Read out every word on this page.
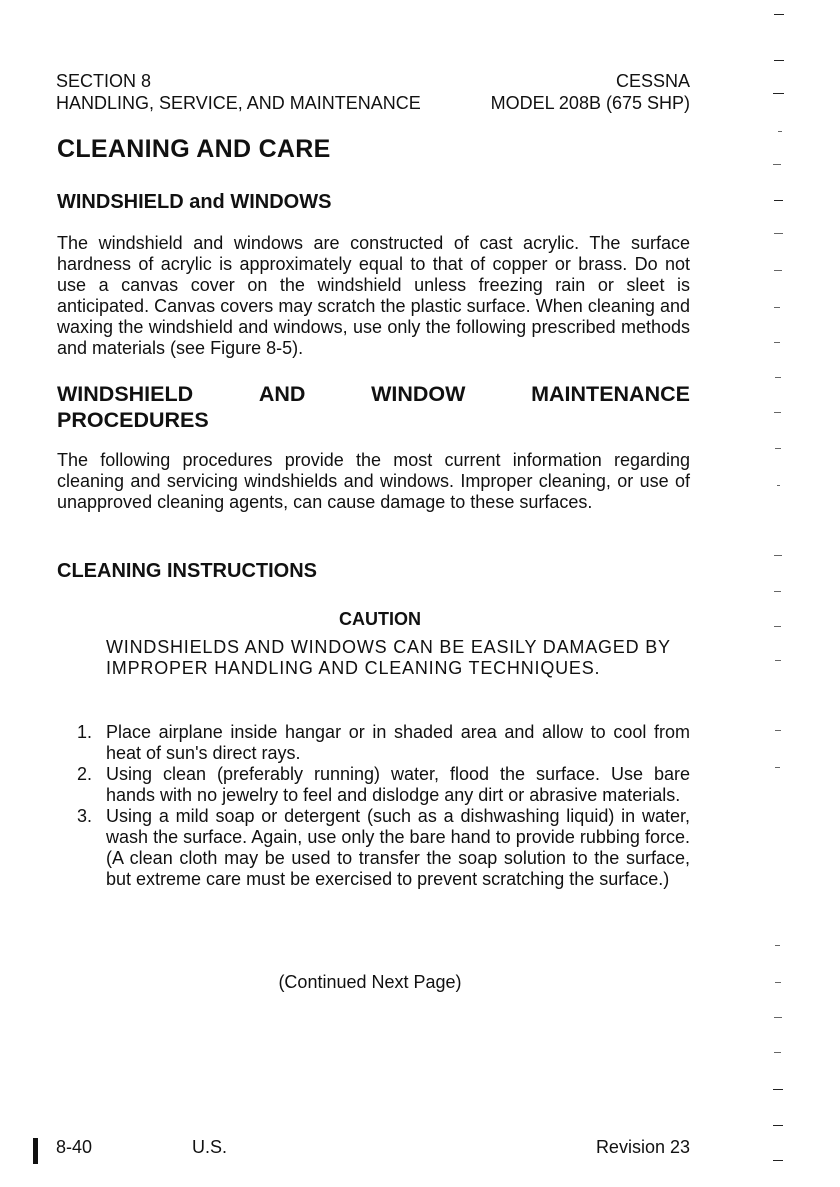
SECTION 8
HANDLING, SERVICE, AND MAINTENANCE
CESSNA
MODEL 208B (675 SHP)
CLEANING AND CARE
WINDSHIELD and WINDOWS
The windshield and windows are constructed of cast acrylic. The surface hardness of acrylic is approximately equal to that of copper or brass. Do not use a canvas cover on the windshield unless freezing rain or sleet is anticipated. Canvas covers may scratch the plastic surface. When cleaning and waxing the windshield and windows, use only the following prescribed methods and materials (see Figure 8-5).
WINDSHIELD	AND	WINDOW	MAINTENANCE
PROCEDURES
The following procedures provide the most current information regarding cleaning and servicing windshields and windows. Improper cleaning, or use of unapproved cleaning agents, can cause damage to these surfaces.
CLEANING INSTRUCTIONS
CAUTION
WINDSHIELDS AND WINDOWS CAN BE EASILY DAMAGED BY IMPROPER HANDLING AND CLEANING TECHNIQUES.
1. Place airplane inside hangar or in shaded area and allow to cool from heat of sun's direct rays.
2. Using clean (preferably running) water, flood the surface. Use bare hands with no jewelry to feel and dislodge any dirt or abrasive materials.
3. Using a mild soap or detergent (such as a dishwashing liquid) in water, wash the surface. Again, use only the bare hand to provide rubbing force. (A clean cloth may be used to transfer the soap solution to the surface, but extreme care must be exercised to prevent scratching the surface.)
(Continued Next Page)
8-40	U.S.	Revision 23
